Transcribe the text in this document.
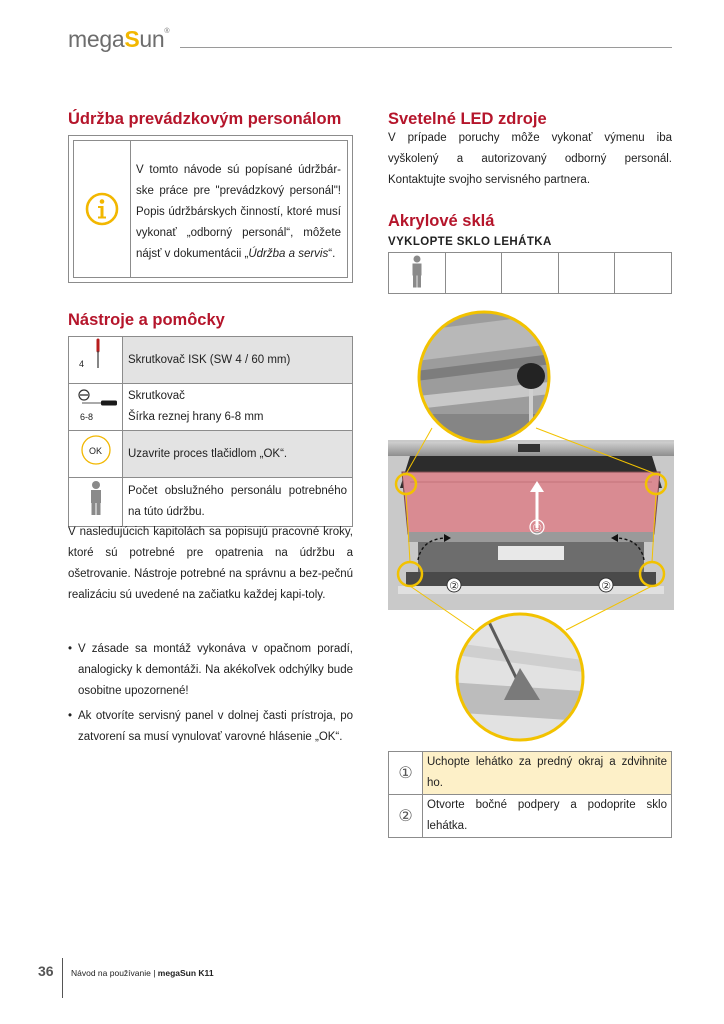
megaSun®
Údržba prevádzkovým personálom
V tomto návode sú popísané údržbár-ske práce pre "prevádzkový personál"! Popis údržbárskych činností, ktoré musí vykonať „odborný personál“, môžete nájsť v dokumentácii „Údržba a servis“.
Nástroje a pomôcky
4	Skrutkovač ISK (SW 4 / 60 mm)

6-8	Skrutkovač
Šírka reznej hrany 6-8 mm

OK	Uzavrite proces tlačidlom „OK“.
	Počet obslužného personálu potrebného na túto údržbu.
V nasledujúcich kapitolách sa popisujú pracovné kroky, ktoré sú potrebné pre opatrenia na údržbu a ošetrovanie. Nástroje potrebné na správnu a bez-pečnú realizáciu sú uvedené na začiatku každej kapi-toly.
• V zásade sa montáž vykonáva v opačnom poradí, analogicky k demontáži. Na akékoľvek odchýlky bude osobitne upozornené!
• Ak otvoríte servisný panel v dolnej časti prístroja, po zatvorení sa musí vynulovať varovné hlásenie „OK“.
Svetelné LED zdroje
V prípade poruchy môže vykonať výmenu iba vyškolený a autorizovaný odborný personál. Kontaktujte svojho servisného partnera.
Akrylové sklá
VYKLOPTE SKLO LEHÁTKA

①
②	②
①	Uchopte lehátko za predný okraj a zdvihnite ho.
②	Otvorte bočné podpery a podoprite sklo lehátka.
36 Návod na používanie | megaSun K11
